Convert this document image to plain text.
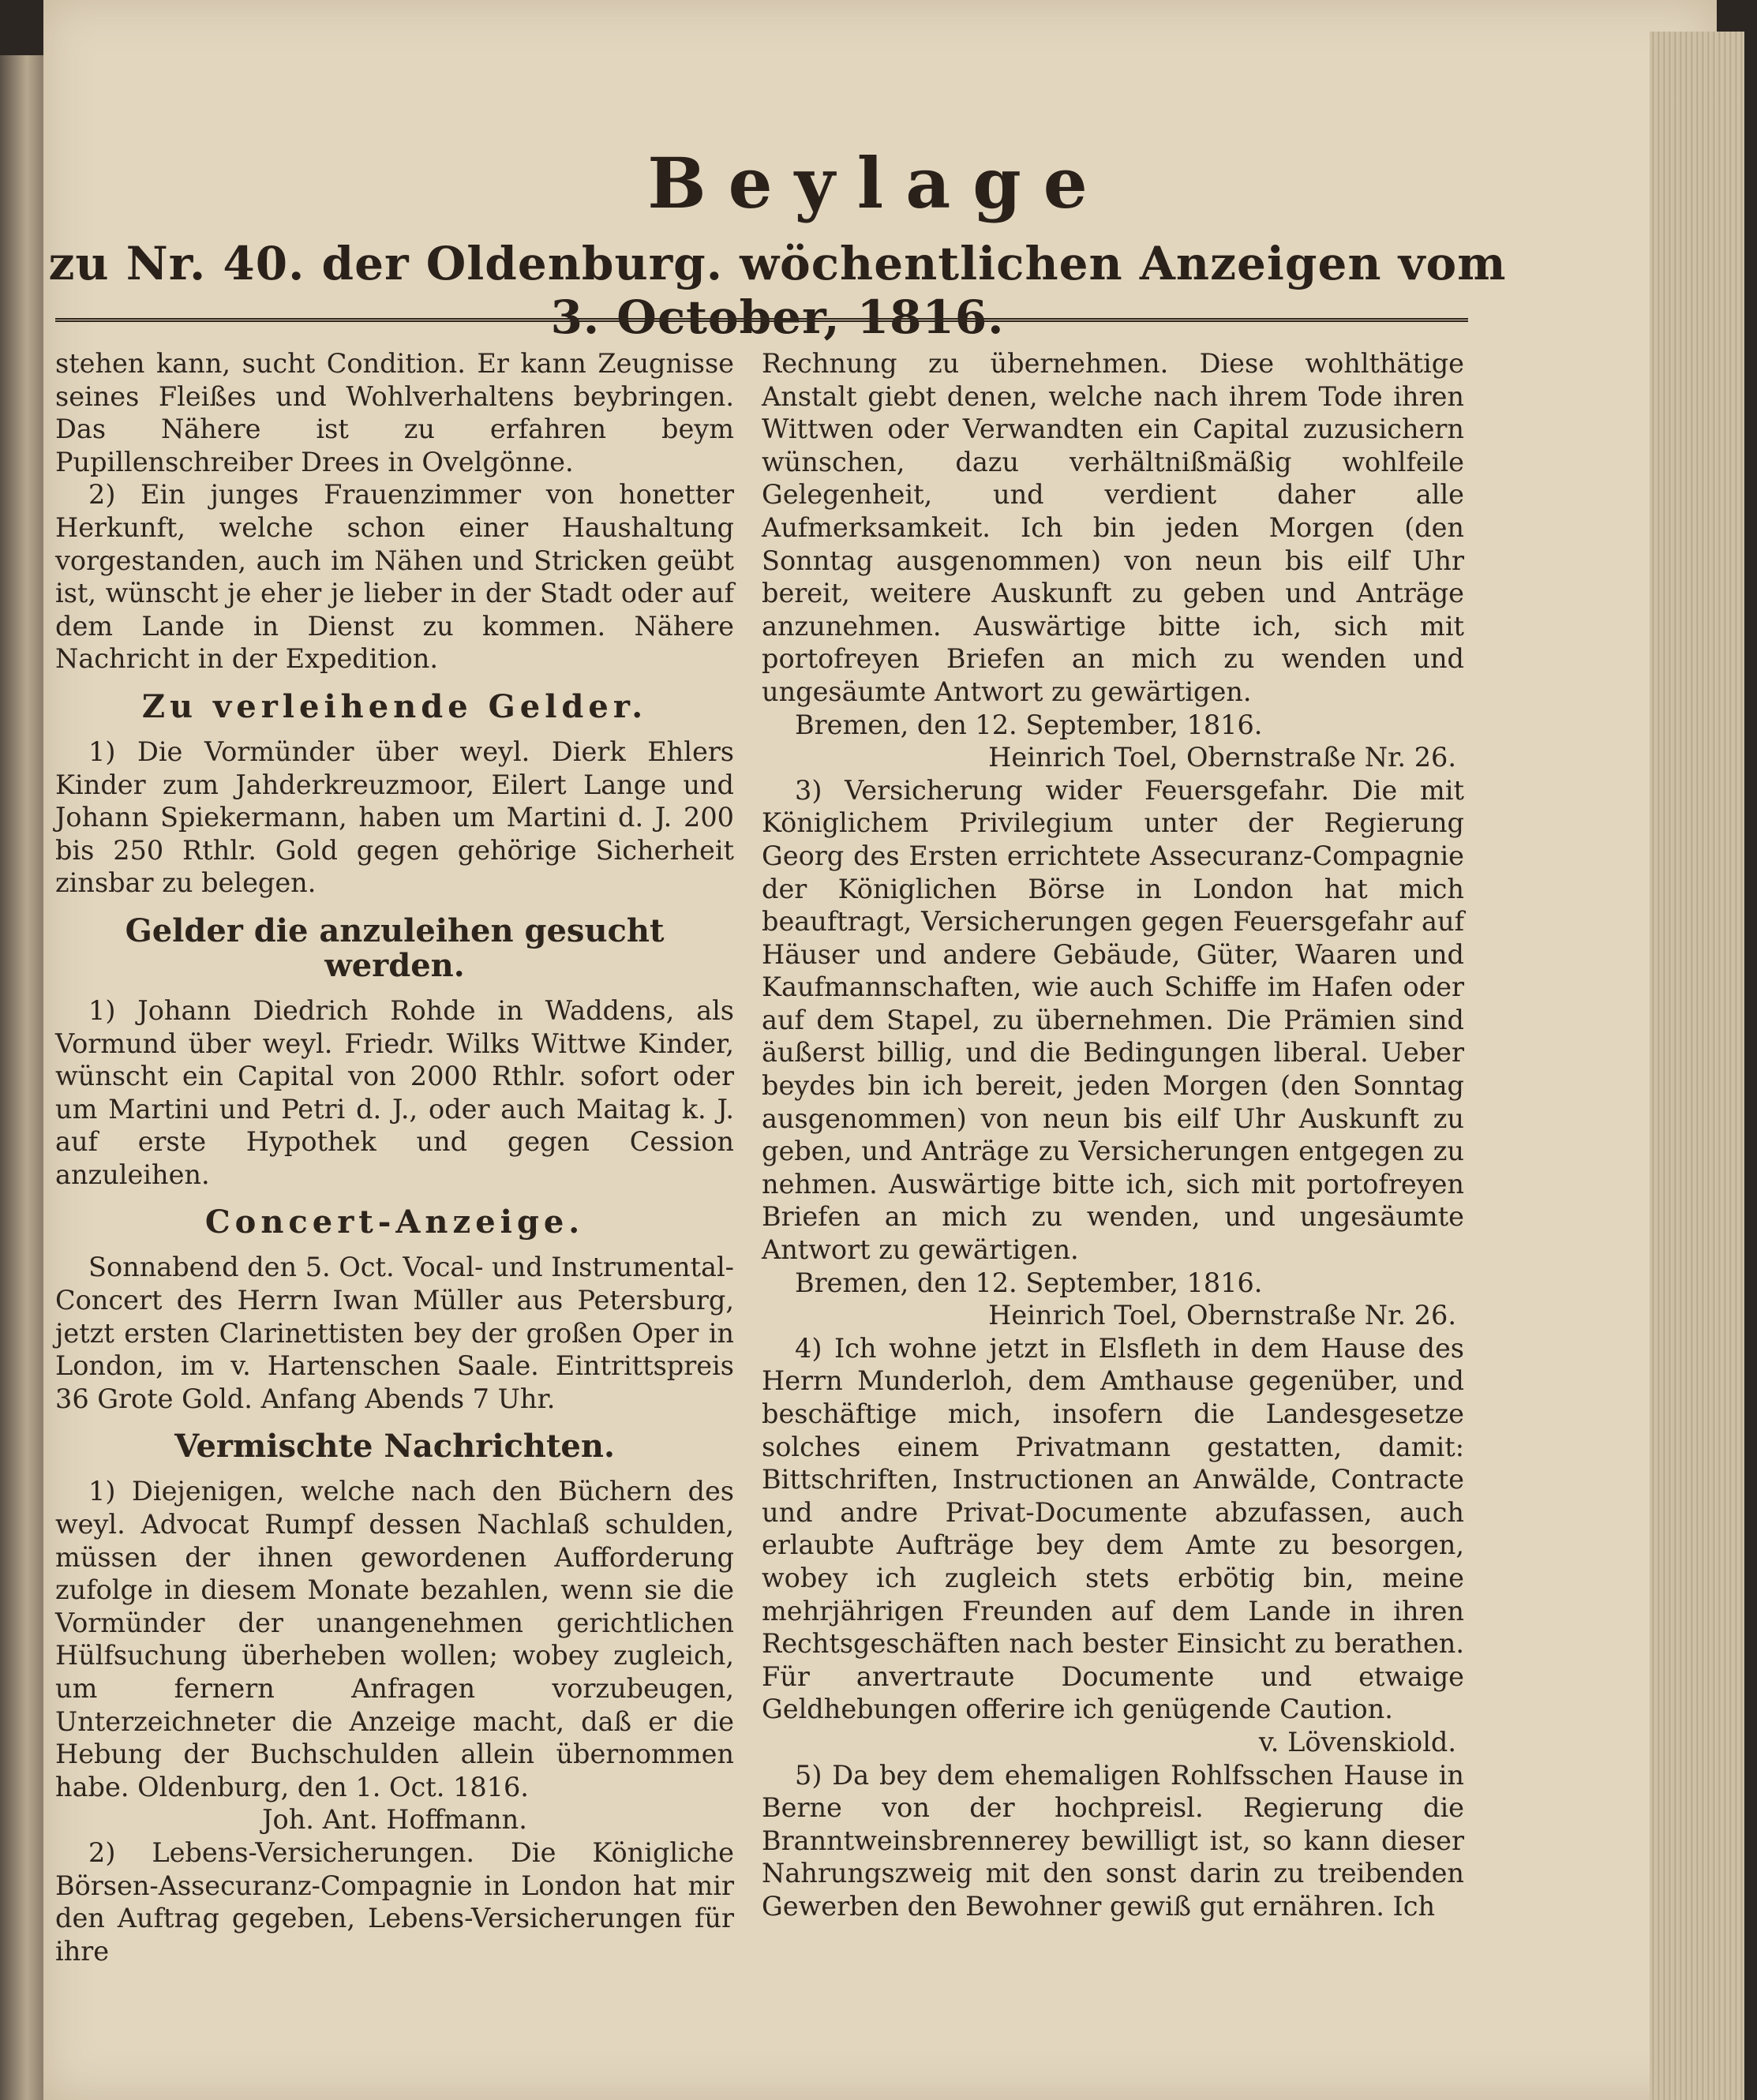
Beylage
zu Nr. 40. der Oldenburg. wöchentlichen Anzeigen vom 3. October, 1816.

stehen kann, sucht Condition. Er kann Zeugnisse seines Fleißes und Wohlverhaltens beybringen. Das Nähere ist zu erfahren beym Pupillenschreiber Drees in Ovelgönne.

2) Ein junges Frauenzimmer von honetter Herkunft, welche schon einer Haushaltung vorgestanden, auch im Nähen und Stricken geübt ist, wünscht je eher je lieber in der Stadt oder auf dem Lande in Dienst zu kommen. Nähere Nachricht in der Expedition.

Zu verleihende Gelder.

1) Die Vormünder über weyl. Dierk Ehlers Kinder zum Jahderkreuzmoor, Eilert Lange und Johann Spiekermann, haben um Martini d. J. 200 bis 250 Rthlr. Gold gegen gehörige Sicherheit zinsbar zu belegen.

Gelder die anzuleihen gesucht werden.

1) Johann Diedrich Rohde in Waddens, als Vormund über weyl. Friedr. Wilks Wittwe Kinder, wünscht ein Capital von 2000 Rthlr. sofort oder um Martini und Petri d. J., oder auch Maitag k. J. auf erste Hypothek und gegen Cession anzuleihen.

Concert-Anzeige.

Sonnabend den 5. Oct. Vocal- und Instrumental-Concert des Herrn Iwan Müller aus Petersburg, jetzt ersten Clarinettisten bey der großen Oper in London, im v. Hartenschen Saale. Eintrittspreis 36 Grote Gold. Anfang Abends 7 Uhr.

Vermischte Nachrichten.

1) Diejenigen, welche nach den Büchern des weyl. Advocat Rumpf dessen Nachlaß schulden, müssen der ihnen gewordenen Aufforderung zufolge in diesem Monate bezahlen, wenn sie die Vormünder der unangenehmen gerichtlichen Hülfsuchung überheben wollen; wobey zugleich, um fernern Anfragen vorzubeugen, Unterzeichneter die Anzeige macht, daß er die Hebung der Buchschulden allein übernommen habe. Oldenburg, den 1. Oct. 1816.

Joh. Ant. Hoffmann.

2) Lebens-Versicherungen. Die Königliche Börsen-Assecuranz-Compagnie in London hat mir den Auftrag gegeben, Lebens-Versicherungen für ihre

Rechnung zu übernehmen. Diese wohlthätige Anstalt giebt denen, welche nach ihrem Tode ihren Wittwen oder Verwandten ein Capital zuzusichern wünschen, dazu verhältnißmäßig wohlfeile Gelegenheit, und verdient daher alle Aufmerksamkeit. Ich bin jeden Morgen (den Sonntag ausgenommen) von neun bis eilf Uhr bereit, weitere Auskunft zu geben und Anträge anzunehmen. Auswärtige bitte ich, sich mit portofreyen Briefen an mich zu wenden und ungesäumte Antwort zu gewärtigen.

Bremen, den 12. September, 1816.

Heinrich Toel, Obernstraße Nr. 26.

3) Versicherung wider Feuersgefahr. Die mit Königlichem Privilegium unter der Regierung Georg des Ersten errichtete Assecuranz-Compagnie der Königlichen Börse in London hat mich beauftragt, Versicherungen gegen Feuersgefahr auf Häuser und andere Gebäude, Güter, Waaren und Kaufmannschaften, wie auch Schiffe im Hafen oder auf dem Stapel, zu übernehmen. Die Prämien sind äußerst billig, und die Bedingungen liberal. Ueber beydes bin ich bereit, jeden Morgen (den Sonntag ausgenommen) von neun bis eilf Uhr Auskunft zu geben, und Anträge zu Versicherungen entgegen zu nehmen. Auswärtige bitte ich, sich mit portofreyen Briefen an mich zu wenden, und ungesäumte Antwort zu gewärtigen.

Bremen, den 12. September, 1816.

Heinrich Toel, Obernstraße Nr. 26.

4) Ich wohne jetzt in Elsfleth in dem Hause des Herrn Munderloh, dem Amthause gegenüber, und beschäftige mich, insofern die Landesgesetze solches einem Privatmann gestatten, damit: Bittschriften, Instructionen an Anwälde, Contracte und andre Privat-Documente abzufassen, auch erlaubte Aufträge bey dem Amte zu besorgen, wobey ich zugleich stets erbötig bin, meine mehrjährigen Freunden auf dem Lande in ihren Rechtsgeschäften nach bester Einsicht zu berathen. Für anvertraute Documente und etwaige Geldhebungen offerire ich genügende Caution.

v. Lövenskiold.

5) Da bey dem ehemaligen Rohlfsschen Hause in Berne von der hochpreisl. Regierung die Branntweinsbrennerey bewilligt ist, so kann dieser Nahrungszweig mit den sonst darin zu treibenden Gewerben den Bewohner gewiß gut ernähren. Ich
